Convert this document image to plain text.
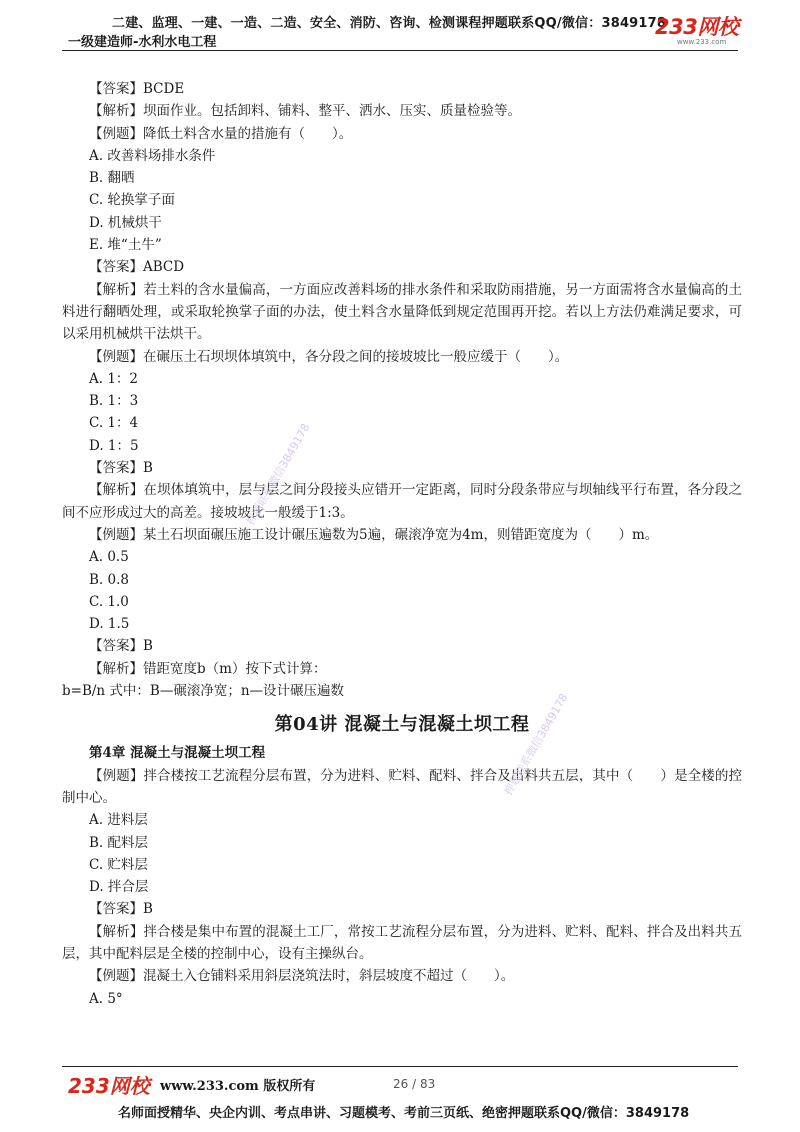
二建、监理、一建、一造、二造、安全、消防、咨询、检测课程押题联系QQ/微信：3849178
一级建造师-水利水电工程
233网校
www.233.com
【答案】BCDE
【解析】坝面作业。包括卸料、铺料、整平、洒水、压实、质量检验等。
【例题】降低土料含水量的措施有（　　）。
A. 改善料场排水条件
B. 翻晒
C. 轮换掌子面
D. 机械烘干
E. 堆“土牛”
【答案】ABCD
【解析】若土料的含水量偏高，一方面应改善料场的排水条件和采取防雨措施，另一方面需将含水量偏高的土料进行翻晒处理，或采取轮换掌子面的办法，使土料含水量降低到规定范围再开挖。若以上方法仍难满足要求，可以采用机械烘干法烘干。
【例题】在碾压土石坝坝体填筑中，各分段之间的接坡坡比一般应缓于（　　）。
A. 1：2
B. 1：3
C. 1：4
D. 1：5
【答案】B
【解析】在坝体填筑中，层与层之间分段接头应错开一定距离，同时分段条带应与坝轴线平行布置，各分段之间不应形成过大的高差。接坡坡比一般缓于1:3。
【例题】某土石坝面碾压施工设计碾压遍数为5遍，碾滚净宽为4m，则错距宽度为（　　）m。
A. 0.5
B. 0.8
C. 1.0
D. 1.5
【答案】B
【解析】错距宽度b（m）按下式计算：
b=B/n 式中：B—碾滚净宽；n—设计碾压遍数
第04讲 混凝土与混凝土坝工程
第4章 混凝土与混凝土坝工程
【例题】拌合楼按工艺流程分层布置，分为进料、贮料、配料、拌合及出料共五层，其中（　　）是全楼的控制中心。
A. 进料层
B. 配料层
C. 贮料层
D. 拌合层
【答案】B
【解析】拌合楼是集中布置的混凝土工厂，常按工艺流程分层布置，分为进料、贮料、配料、拌合及出料共五层，其中配料层是全楼的控制中心，设有主操纵台。
【例题】混凝土入仓铺料采用斜层浇筑法时，斜层坡度不超过（　　）。
A. 5°
押题联系微信3849178
押题联系微信3849178
233网校 www.233.com 版权所有	26 / 83
名师面授精华、央企内训、考点串讲、习题模考、考前三页纸、绝密押题联系QQ/微信：3849178
